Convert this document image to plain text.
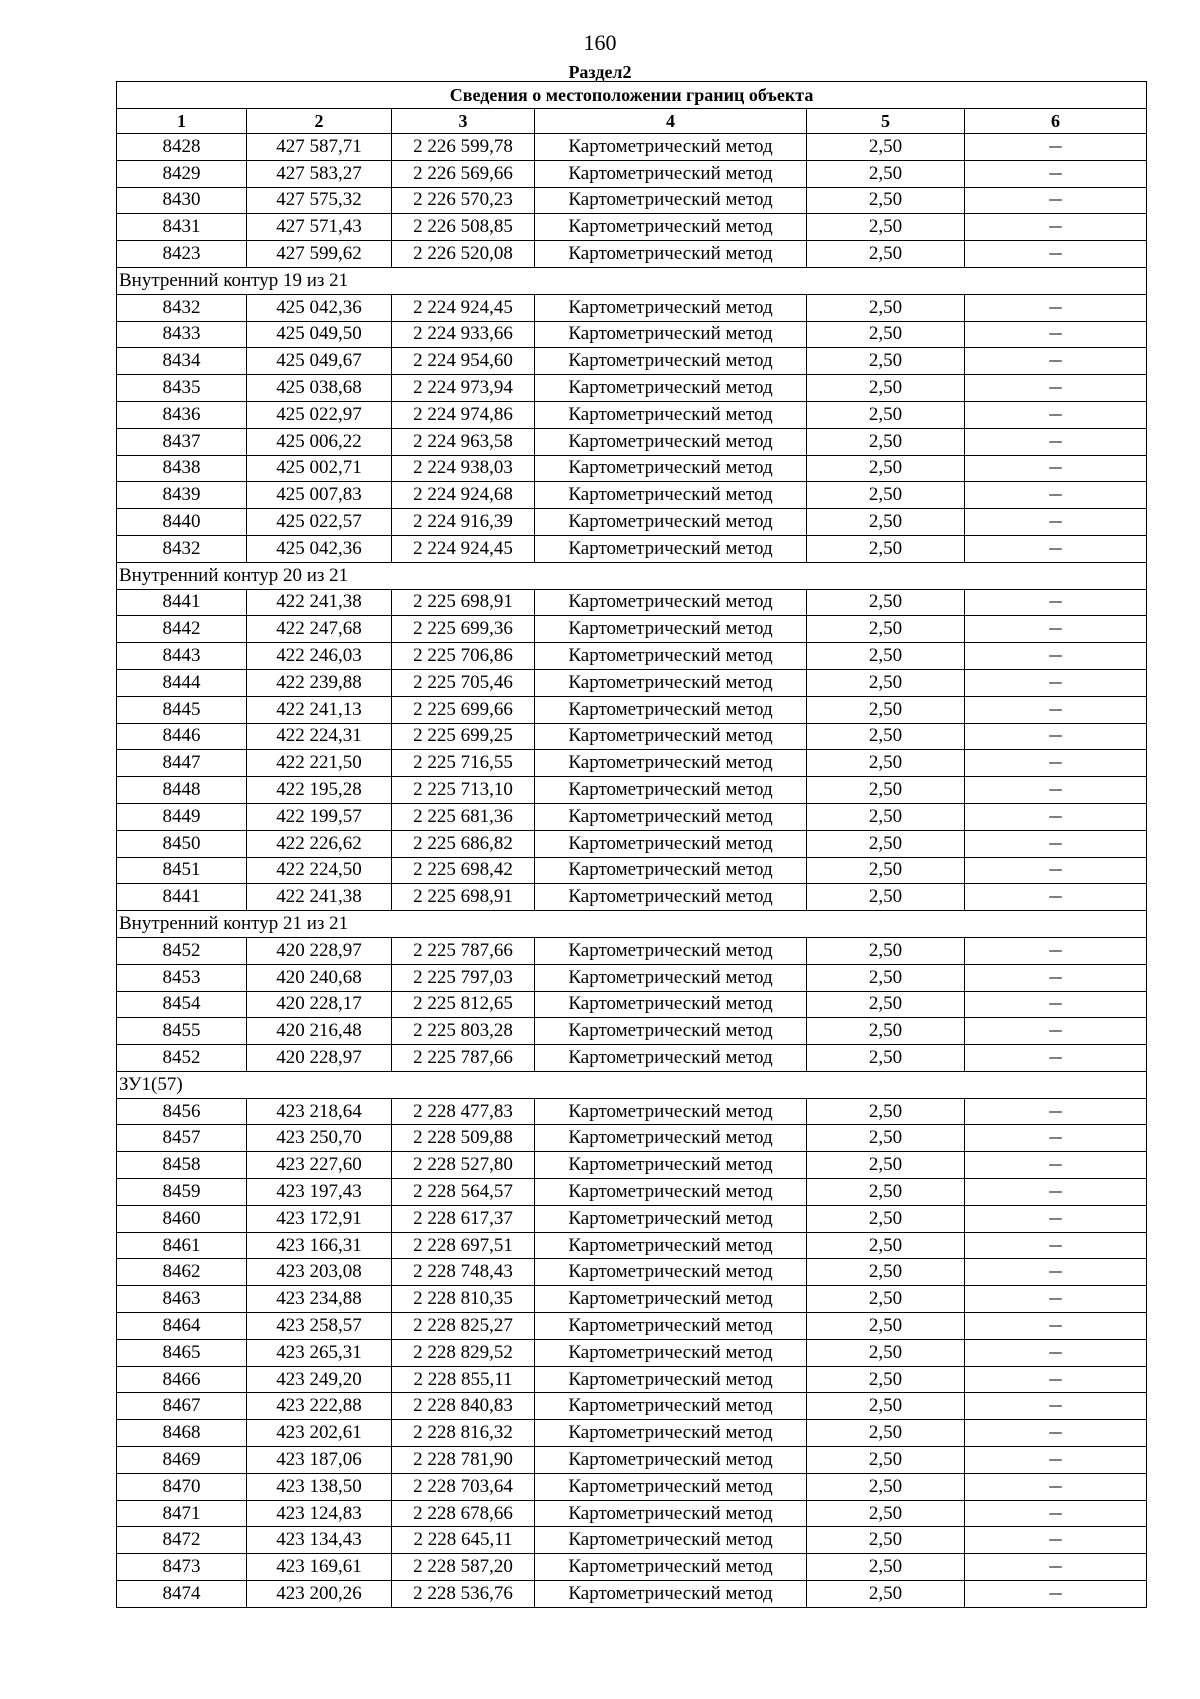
160
Раздел2
Сведения о местоположении границ объекта					
1	2	3	4	5	6
8428	427 587,71	2 226 599,78	Картометрический метод	2,50	—
8429	427 583,27	2 226 569,66	Картометрический метод	2,50	—
8430	427 575,32	2 226 570,23	Картометрический метод	2,50	—
8431	427 571,43	2 226 508,85	Картометрический метод	2,50	—
8423	427 599,62	2 226 520,08	Картометрический метод	2,50	—
Внутренний контур 19 из 21					
8432	425 042,36	2 224 924,45	Картометрический метод	2,50	—
8433	425 049,50	2 224 933,66	Картометрический метод	2,50	—
8434	425 049,67	2 224 954,60	Картометрический метод	2,50	—
8435	425 038,68	2 224 973,94	Картометрический метод	2,50	—
8436	425 022,97	2 224 974,86	Картометрический метод	2,50	—
8437	425 006,22	2 224 963,58	Картометрический метод	2,50	—
8438	425 002,71	2 224 938,03	Картометрический метод	2,50	—
8439	425 007,83	2 224 924,68	Картометрический метод	2,50	—
8440	425 022,57	2 224 916,39	Картометрический метод	2,50	—
8432	425 042,36	2 224 924,45	Картометрический метод	2,50	—
Внутренний контур 20 из 21					
8441	422 241,38	2 225 698,91	Картометрический метод	2,50	—
8442	422 247,68	2 225 699,36	Картометрический метод	2,50	—
8443	422 246,03	2 225 706,86	Картометрический метод	2,50	—
8444	422 239,88	2 225 705,46	Картометрический метод	2,50	—
8445	422 241,13	2 225 699,66	Картометрический метод	2,50	—
8446	422 224,31	2 225 699,25	Картометрический метод	2,50	—
8447	422 221,50	2 225 716,55	Картометрический метод	2,50	—
8448	422 195,28	2 225 713,10	Картометрический метод	2,50	—
8449	422 199,57	2 225 681,36	Картометрический метод	2,50	—
8450	422 226,62	2 225 686,82	Картометрический метод	2,50	—
8451	422 224,50	2 225 698,42	Картометрический метод	2,50	—
8441	422 241,38	2 225 698,91	Картометрический метод	2,50	—
Внутренний контур 21 из 21					
8452	420 228,97	2 225 787,66	Картометрический метод	2,50	—
8453	420 240,68	2 225 797,03	Картометрический метод	2,50	—
8454	420 228,17	2 225 812,65	Картометрический метод	2,50	—
8455	420 216,48	2 225 803,28	Картометрический метод	2,50	—
8452	420 228,97	2 225 787,66	Картометрический метод	2,50	—
ЗУ1(57)					
8456	423 218,64	2 228 477,83	Картометрический метод	2,50	—
8457	423 250,70	2 228 509,88	Картометрический метод	2,50	—
8458	423 227,60	2 228 527,80	Картометрический метод	2,50	—
8459	423 197,43	2 228 564,57	Картометрический метод	2,50	—
8460	423 172,91	2 228 617,37	Картометрический метод	2,50	—
8461	423 166,31	2 228 697,51	Картометрический метод	2,50	—
8462	423 203,08	2 228 748,43	Картометрический метод	2,50	—
8463	423 234,88	2 228 810,35	Картометрический метод	2,50	—
8464	423 258,57	2 228 825,27	Картометрический метод	2,50	—
8465	423 265,31	2 228 829,52	Картометрический метод	2,50	—
8466	423 249,20	2 228 855,11	Картометрический метод	2,50	—
8467	423 222,88	2 228 840,83	Картометрический метод	2,50	—
8468	423 202,61	2 228 816,32	Картометрический метод	2,50	—
8469	423 187,06	2 228 781,90	Картометрический метод	2,50	—
8470	423 138,50	2 228 703,64	Картометрический метод	2,50	—
8471	423 124,83	2 228 678,66	Картометрический метод	2,50	—
8472	423 134,43	2 228 645,11	Картометрический метод	2,50	—
8473	423 169,61	2 228 587,20	Картометрический метод	2,50	—
8474	423 200,26	2 228 536,76	Картометрический метод	2,50	—
